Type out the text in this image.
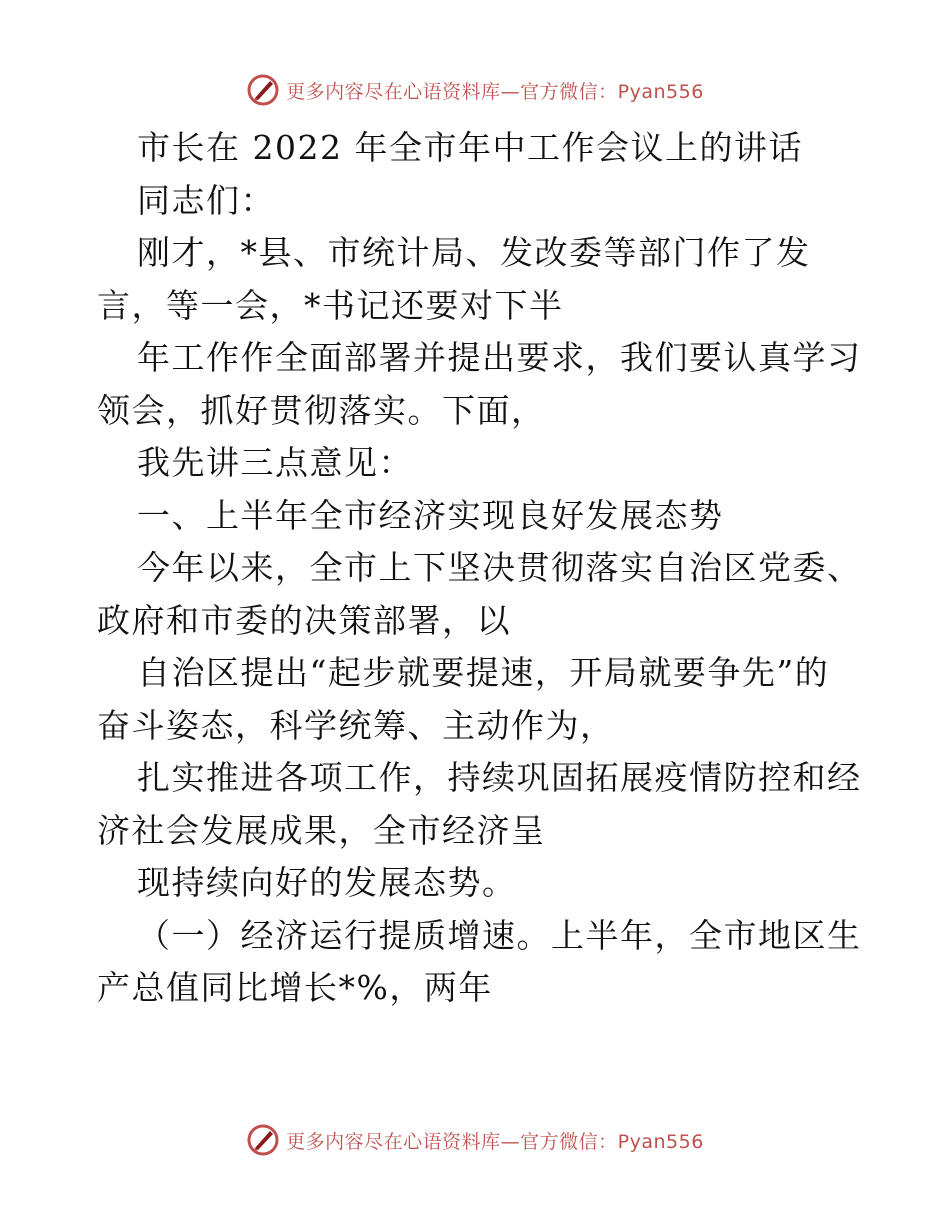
更多内容尽在心语资料库—官方微信：Pyan556
市长在 2022 年全市年中工作会议上的讲话
同志们：
刚才，*县、市统计局、发改委等部门作了发
言，等一会，*书记还要对下半
年工作作全面部署并提出要求，我们要认真学习
领会，抓好贯彻落实。下面，
我先讲三点意见：
一、上半年全市经济实现良好发展态势
今年以来，全市上下坚决贯彻落实自治区党委、
政府和市委的决策部署，以
自治区提出“起步就要提速，开局就要争先”的
奋斗姿态，科学统筹、主动作为，
扎实推进各项工作，持续巩固拓展疫情防控和经
济社会发展成果，全市经济呈
现持续向好的发展态势。
（一）经济运行提质增速。上半年，全市地区生
产总值同比增长*%，两年
更多内容尽在心语资料库—官方微信：Pyan556
